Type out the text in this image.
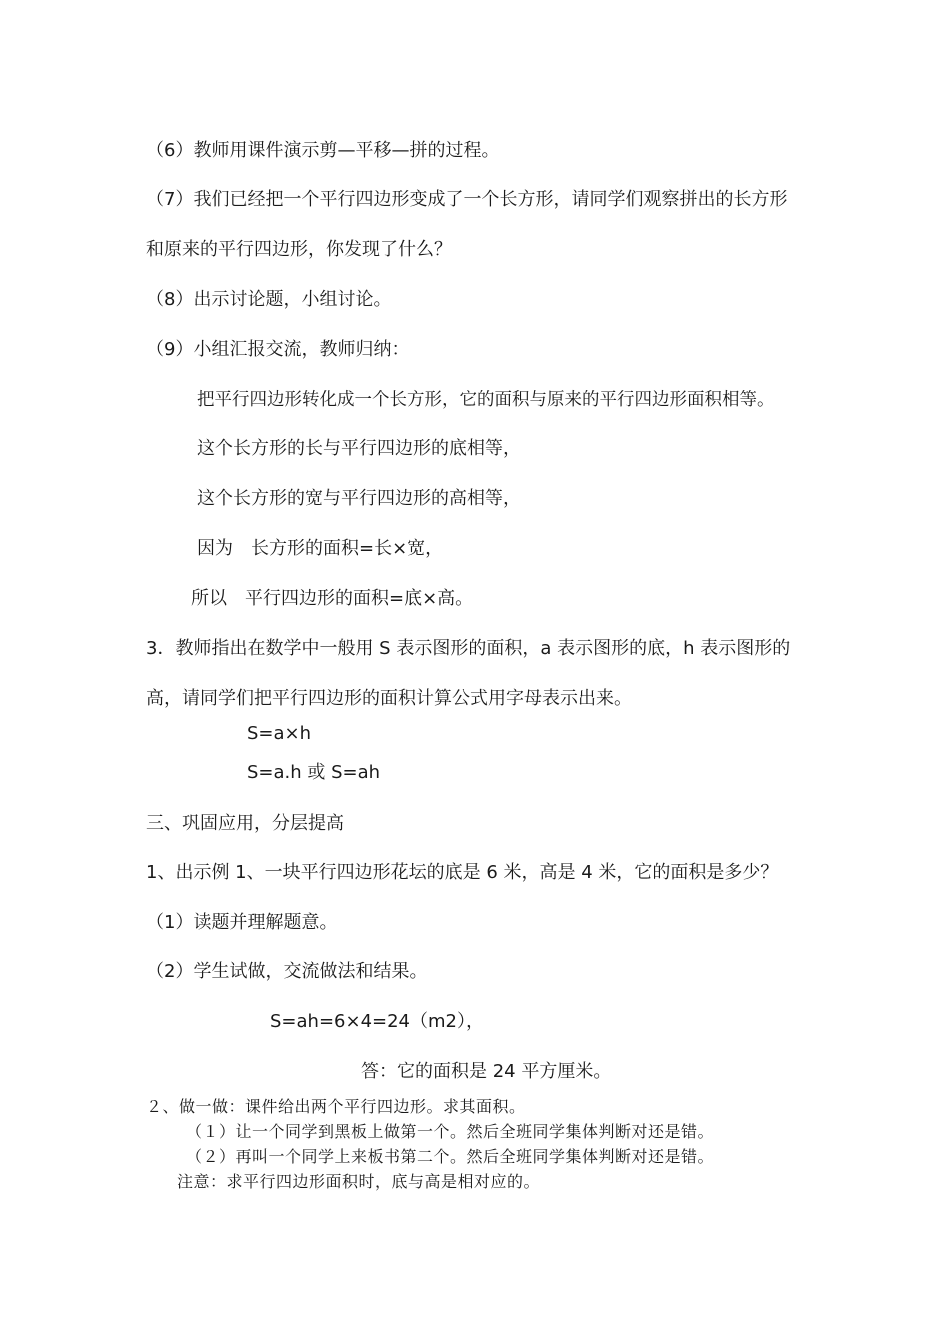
（6）教师用课件演示剪—平移—拼的过程。
（7）我们已经把一个平行四边形变成了一个长方形，请同学们观察拼出的长方形
和原来的平行四边形，你发现了什么？
（8）出示讨论题，小组讨论。
（9）小组汇报交流，教师归纳：
把平行四边形转化成一个长方形，它的面积与原来的平行四边形面积相等。
这个长方形的长与平行四边形的底相等，
这个长方形的宽与平行四边形的高相等，
因为　长方形的面积=长×宽，
所以　平行四边形的面积=底×高。
3．教师指出在数学中一般用 S 表示图形的面积，a 表示图形的底，h 表示图形的
高，请同学们把平行四边形的面积计算公式用字母表示出来。
S=a×h
S=a.h 或 S=ah
三、巩固应用，分层提高
1、出示例 1、一块平行四边形花坛的底是 6 米，高是 4 米，它的面积是多少？
（1）读题并理解题意。
（2）学生试做，交流做法和结果。
S=ah=6×4=24（m2），
答：它的面积是 24 平方厘米。
２、做一做：课件给出两个平行四边形。求其面积。
（１）让一个同学到黑板上做第一个。然后全班同学集体判断对还是错。
（２）再叫一个同学上来板书第二个。然后全班同学集体判断对还是错。
注意：求平行四边形面积时，底与高是相对应的。
